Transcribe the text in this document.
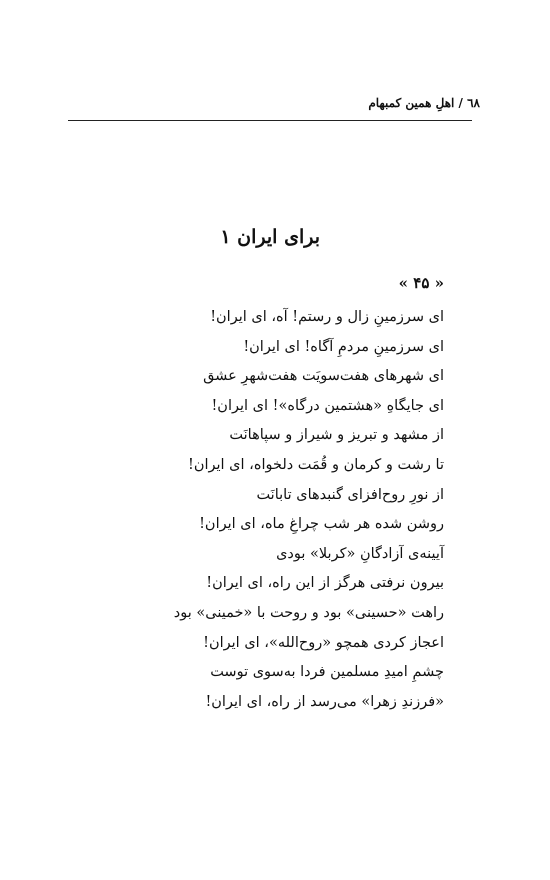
٦٨ / اهلِ همین کمبهام
برای ایران ۱
« ۴۵ »
ای سرزمینِ زال و رستم! آه، ای ایران!
ای سرزمینِ مردمِ آگاه! ای ایران!
ای شهرهای هفت‌سویَت هفت‌شهرِ عشق
ای جایگاهِ «هشتمین درگاه»! ای ایران!
از مشهد و تبریز و شیراز و سپاهانَت
تا رشت و کرمان و قُمَت دلخواه، ای ایران!
از نورِ روح‌افزای گنبدهای تابانَت
روشن شده هر شب چراغِ ماه، ای ایران!
آیینه‌ی آزادگانِ «کربلا» بودی
بیرون نرفتی هرگز از این راه، ای ایران!
راهت «حسینی» بود و روحت با «خمینی» بود
اعجاز کردی همچو «روح‌الله»، ای ایران!
چشمِ امیدِ مسلمین فردا به‌سوی توست
«فرزندِ زهرا» می‌رسد از راه، ای ایران!
